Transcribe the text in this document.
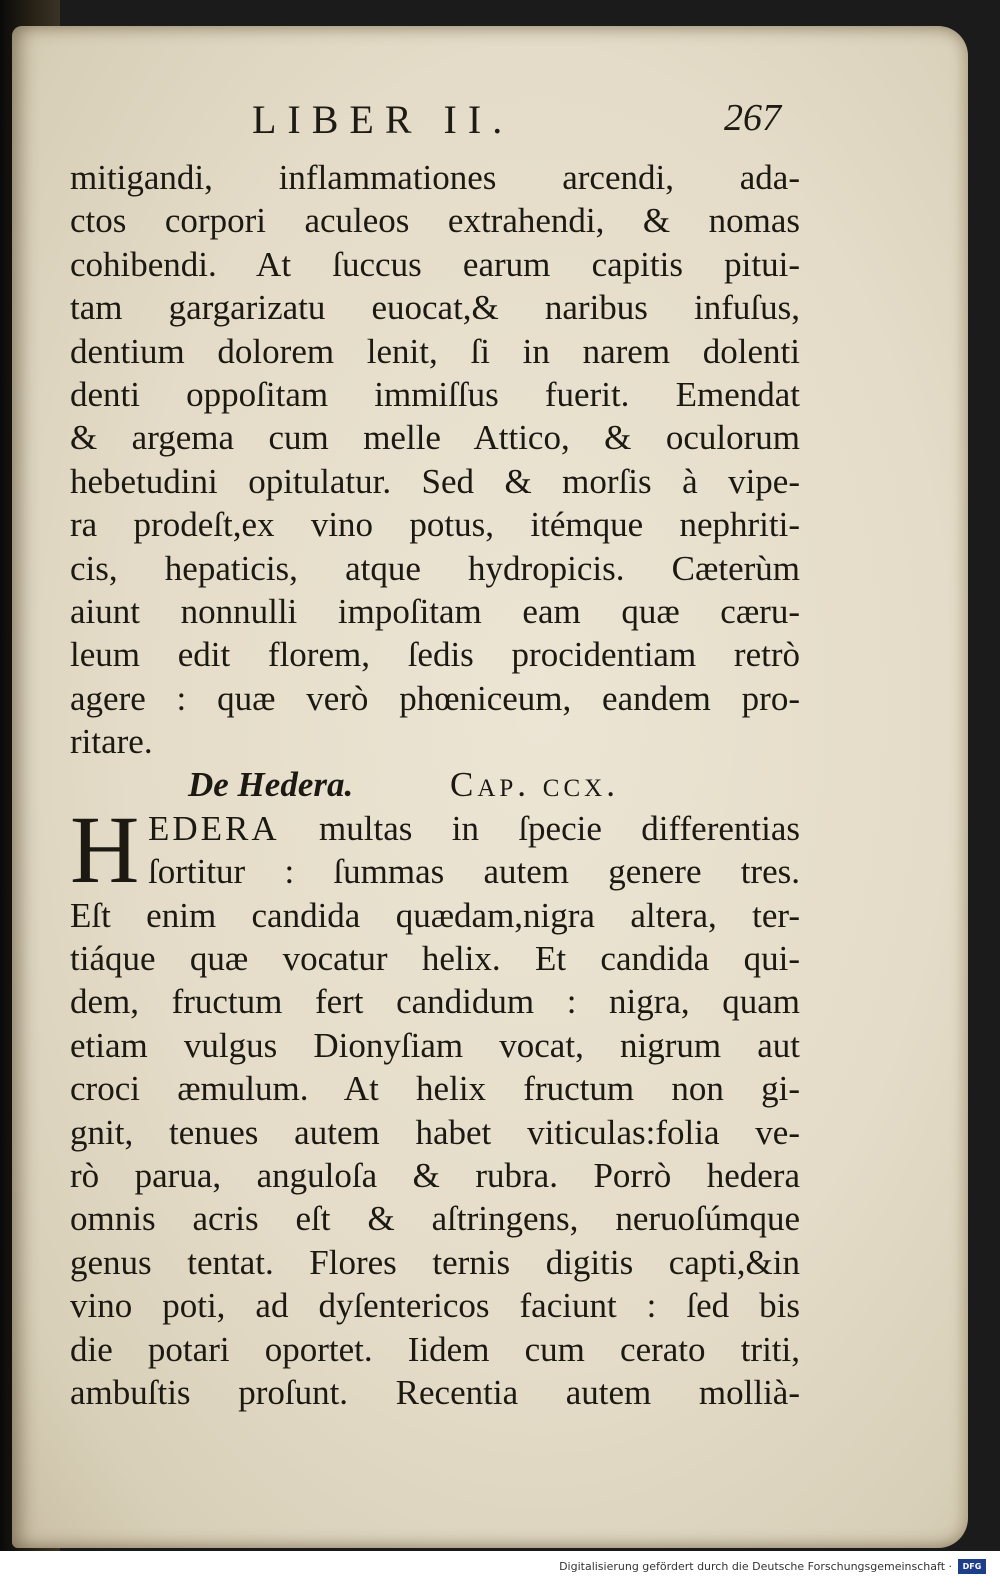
LIBER II.	267
mitigandi, inflammationes arcendi, ada-
ctos corpori aculeos extrahendi, & nomas
cohibendi. At ſuccus earum capitis pitui-
tam gargarizatu euocat,& naribus infuſus,
dentium dolorem lenit, ſi in narem dolenti
denti oppoſitam immiſſus fuerit. Emendat
& argema cum melle Attico, & oculorum
hebetudini opitulatur. Sed & morſis à vipe-
ra prodeſt,ex vino potus, itémque nephriti-
cis, hepaticis, atque hydropicis. Cæterùm
aiunt nonnulli impoſitam eam quæ cæru-
leum edit florem, ſedis procidentiam retrò
agere : quæ verò phœniceum, eandem pro-
ritare.
De Hedera.	Cap. ccx.
H EDERA multas in ſpecie differentias
ſortitur : ſummas autem genere tres.
Eſt enim candida quædam,nigra altera, ter-
tiáque quæ vocatur helix. Et candida qui-
dem, fructum fert candidum : nigra, quam
etiam vulgus Dionyſiam vocat, nigrum aut
croci æmulum. At helix fructum non gi-
gnit, tenues autem habet viticulas:folia ve-
rò parua, anguloſa & rubra. Porrò hedera
omnis acris eſt & aſtringens, neruoſúmque
genus tentat. Flores ternis digitis capti,&in
vino poti, ad dyſentericos faciunt : ſed bis
die potari oportet. Iidem cum cerato triti,
ambuſtis proſunt. Recentia autem mollià-
Digitalisierung gefördert durch die Deutsche Forschungsgemeinschaft ·	DFG
